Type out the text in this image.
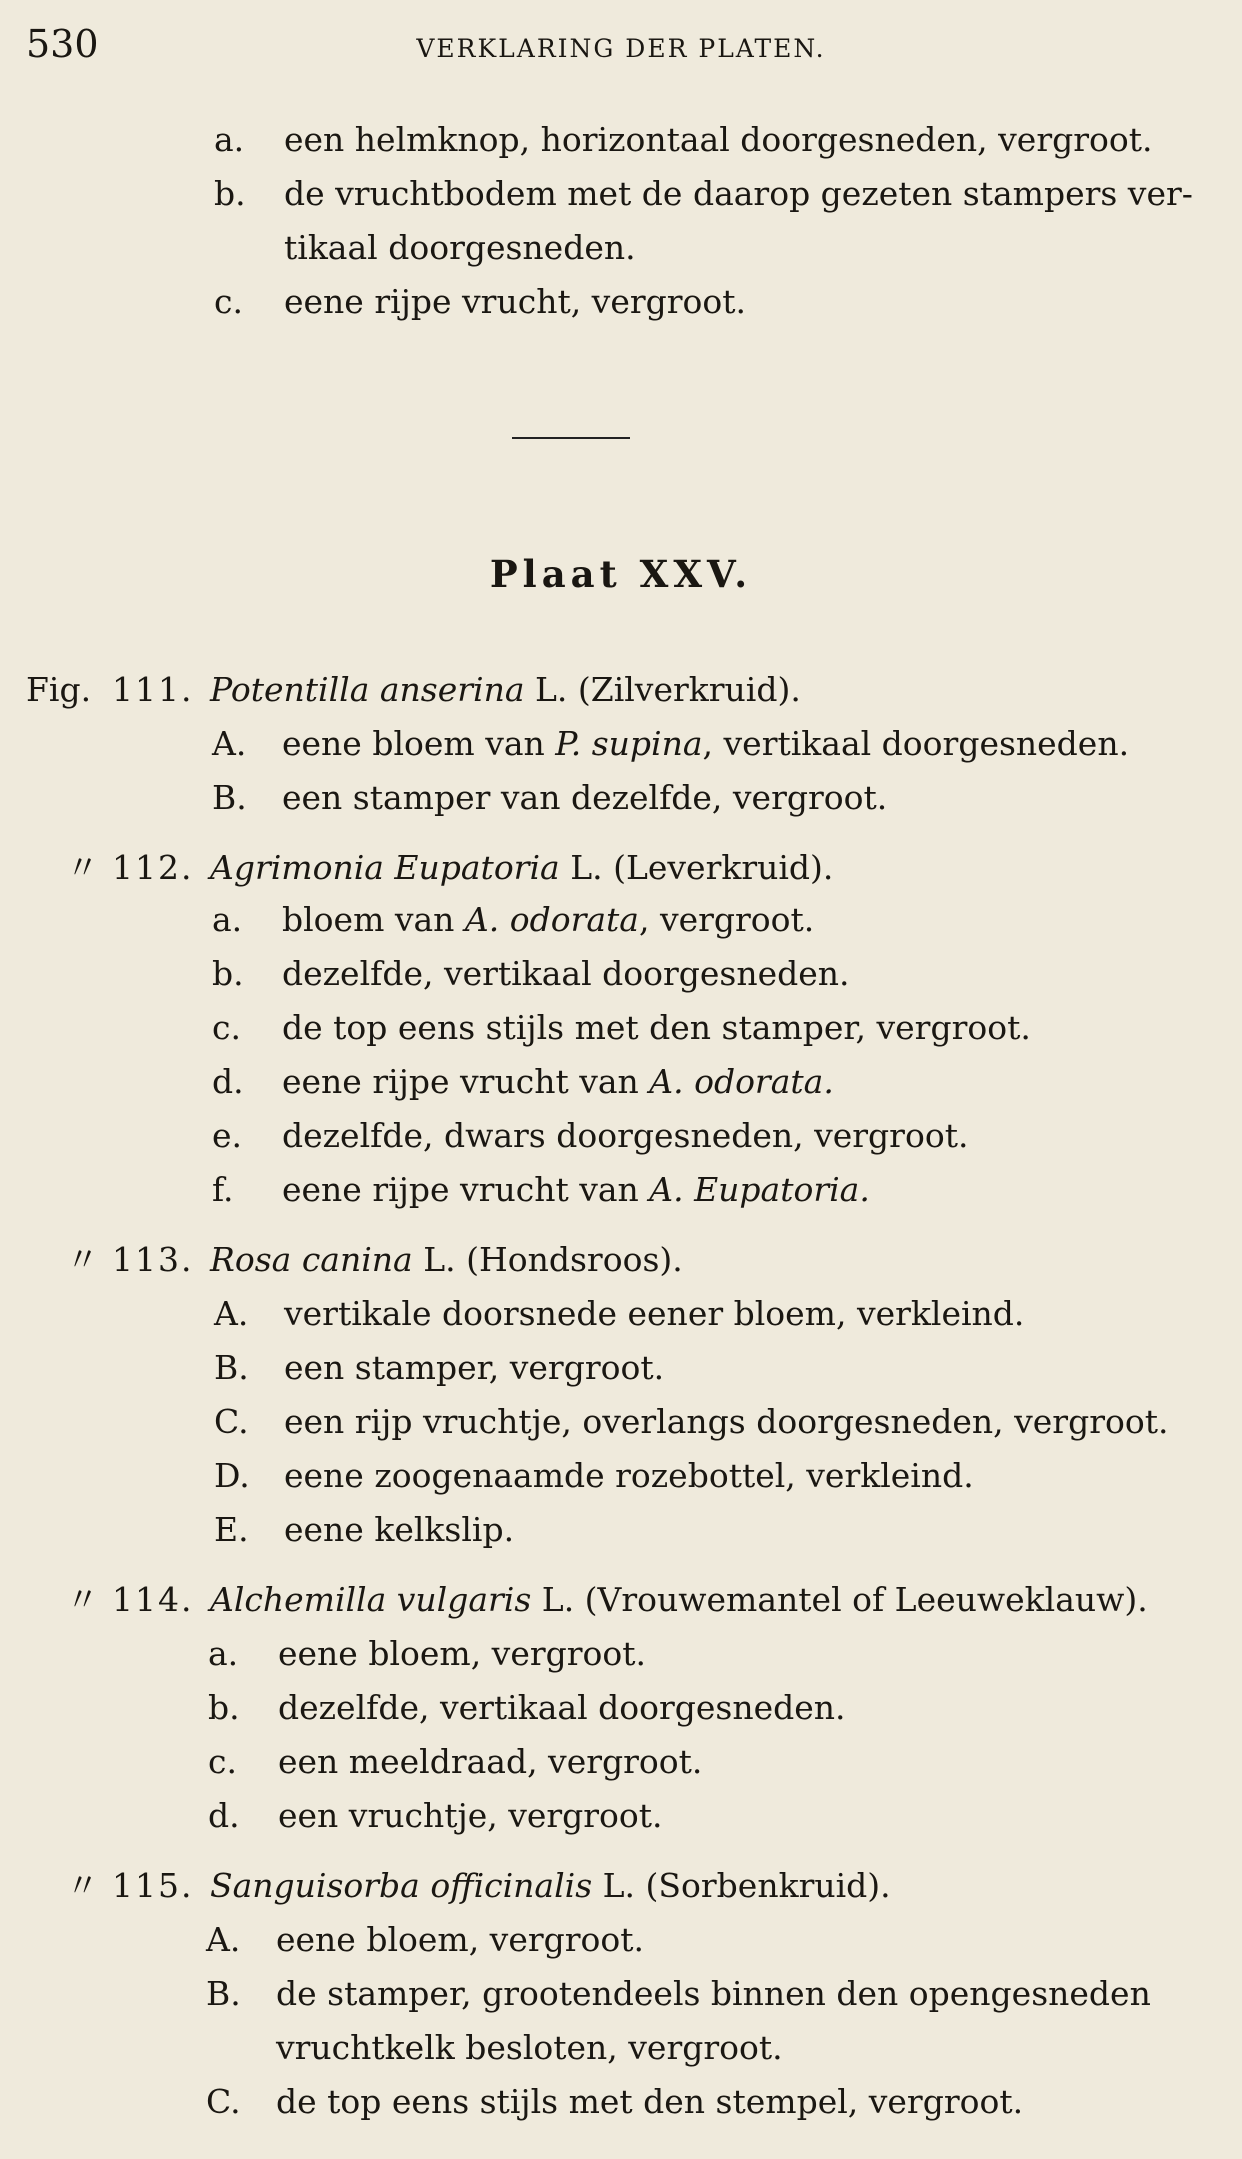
530	VERKLARING DER PLATEN.
a. een helmknop, horizontaal doorgesneden, vergroot.
b. de vruchtbodem met de daarop gezeten stampers ver-
tikaal doorgesneden.
c. eene rijpe vrucht, vergroot.
Plaat XXV.
Fig. 111. Potentilla anserina L. (Zilverkruid).
A. eene bloem van P. supina, vertikaal doorgesneden.
B. een stamper van dezelfde, vergroot.
〃 112. Agrimonia Eupatoria L. (Leverkruid).
a. bloem van A. odorata, vergroot.
b. dezelfde, vertikaal doorgesneden.
c. de top eens stijls met den stamper, vergroot.
d. eene rijpe vrucht van A. odorata.
e. dezelfde, dwars doorgesneden, vergroot.
f. eene rijpe vrucht van A. Eupatoria.
〃 113. Rosa canina L. (Hondsroos).
A. vertikale doorsnede eener bloem, verkleind.
B. een stamper, vergroot.
C. een rijp vruchtje, overlangs doorgesneden, vergroot.
D. eene zoogenaamde rozebottel, verkleind.
E. eene kelkslip.
〃 114. Alchemilla vulgaris L. (Vrouwemantel of Leeuweklauw).
a. eene bloem, vergroot.
b. dezelfde, vertikaal doorgesneden.
c. een meeldraad, vergroot.
d. een vruchtje, vergroot.
〃 115. Sanguisorba officinalis L. (Sorbenkruid).
A. eene bloem, vergroot.
B. de stamper, grootendeels binnen den opengesneden
vruchtkelk besloten, vergroot.
C. de top eens stijls met den stempel, vergroot.
